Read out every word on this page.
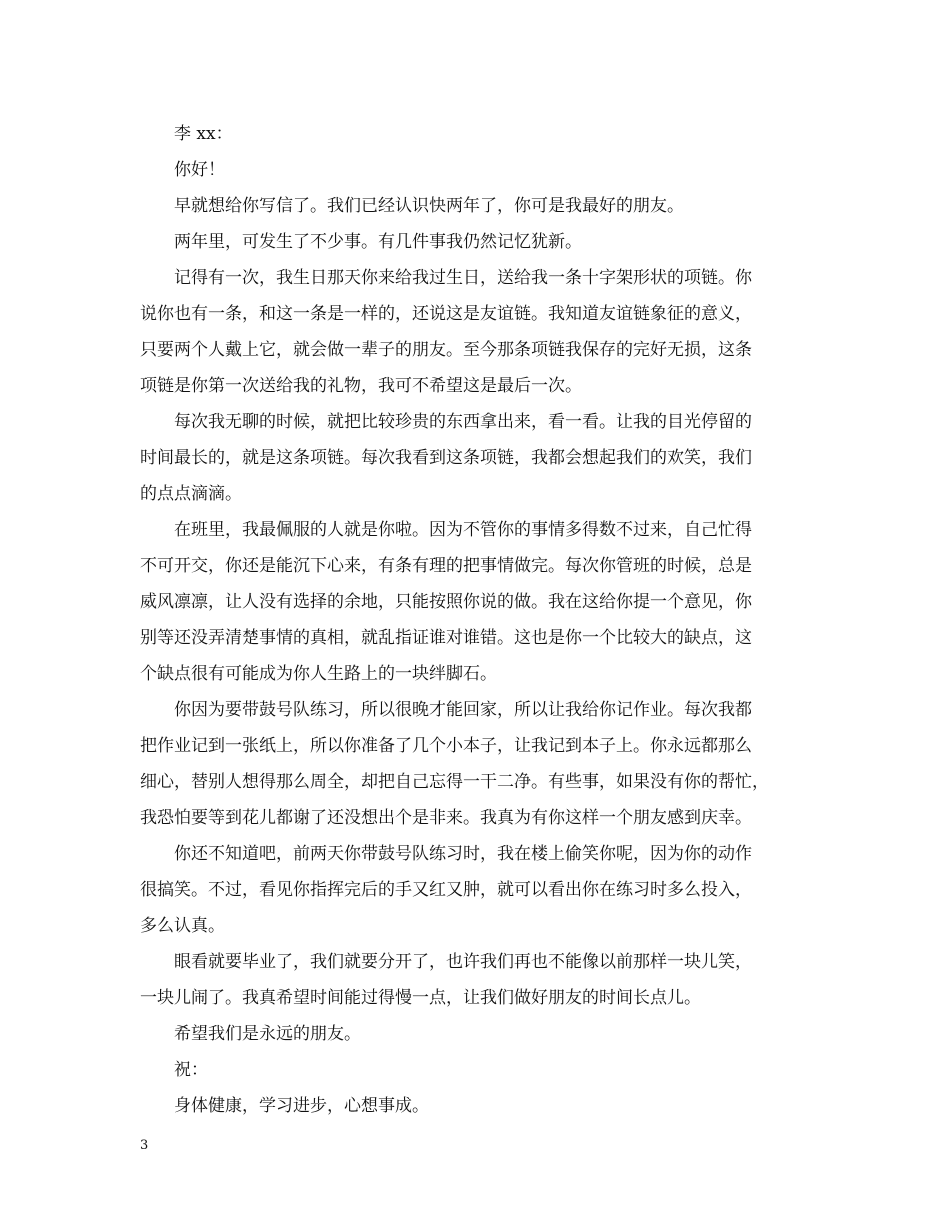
李 xx：
你好！
早就想给你写信了。我们已经认识快两年了，你可是我最好的朋友。
两年里，可发生了不少事。有几件事我仍然记忆犹新。
记得有一次，我生日那天你来给我过生日，送给我一条十字架形状的项链。你
说你也有一条，和这一条是一样的，还说这是友谊链。我知道友谊链象征的意义，
只要两个人戴上它，就会做一辈子的朋友。至今那条项链我保存的完好无损，这条
项链是你第一次送给我的礼物，我可不希望这是最后一次。
每次我无聊的时候，就把比较珍贵的东西拿出来，看一看。让我的目光停留的
时间最长的，就是这条项链。每次我看到这条项链，我都会想起我们的欢笑，我们
的点点滴滴。
在班里，我最佩服的人就是你啦。因为不管你的事情多得数不过来，自己忙得
不可开交，你还是能沉下心来，有条有理的把事情做完。每次你管班的时候，总是
威风凛凛，让人没有选择的余地，只能按照你说的做。我在这给你提一个意见，你
别等还没弄清楚事情的真相，就乱指证谁对谁错。这也是你一个比较大的缺点，这
个缺点很有可能成为你人生路上的一块绊脚石。
你因为要带鼓号队练习，所以很晚才能回家，所以让我给你记作业。每次我都
把作业记到一张纸上，所以你准备了几个小本子，让我记到本子上。你永远都那么
细心，替别人想得那么周全，却把自己忘得一干二净。有些事，如果没有你的帮忙，
我恐怕要等到花儿都谢了还没想出个是非来。我真为有你这样一个朋友感到庆幸。
你还不知道吧，前两天你带鼓号队练习时，我在楼上偷笑你呢，因为你的动作
很搞笑。不过，看见你指挥完后的手又红又肿，就可以看出你在练习时多么投入，
多么认真。
眼看就要毕业了，我们就要分开了，也许我们再也不能像以前那样一块儿笑，
一块儿闹了。我真希望时间能过得慢一点，让我们做好朋友的时间长点儿。
希望我们是永远的朋友。
祝：
身体健康，学习进步，心想事成。
3
